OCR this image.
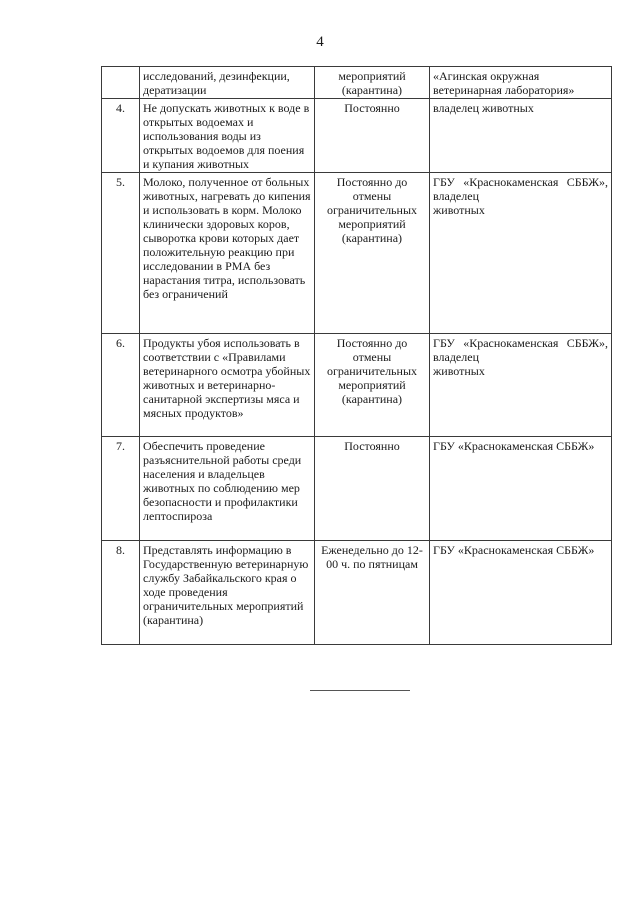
4
	исследований, дезинфекции, дератизации	мероприятий (карантина)	«Агинская окружная ветеринарная лаборатория»
4.	Не допускать животных к воде в открытых водоемах и использования воды из открытых водоемов для поения и купания животных	Постоянно	владелец животных
5.	Молоко, полученное от больных животных, нагревать до кипения и использовать в корм. Молоко клинически здоровых коров, сыворотка крови которых дает положительную реакцию при исследовании в РМА без нарастания титра, использовать без ограничений	Постоянно до отмены ограничительных мероприятий (карантина)	ГБУ «Краснокаменская СББЖ», владелец
животных

6.	Продукты убоя использовать в соответствии с «Правилами ветеринарного осмотра убойных животных и ветеринарно-санитарной экспертизы мяса и мясных продуктов»	Постоянно до отмены ограничительных мероприятий (карантина)	ГБУ «Краснокаменская СББЖ», владелец
животных

7.	Обеспечить проведение разъяснительной работы среди населения и владельцев животных по соблюдению мер безопасности и профилактики лептоспироза	Постоянно	ГБУ «Краснокаменская СББЖ»
8.	Представлять информацию в Государственную ветеринарную службу Забайкальского края о ходе проведения ограничительных мероприятий (карантина)	Еженедельно до 12-00 ч. по пятницам	ГБУ «Краснокаменская СББЖ»
